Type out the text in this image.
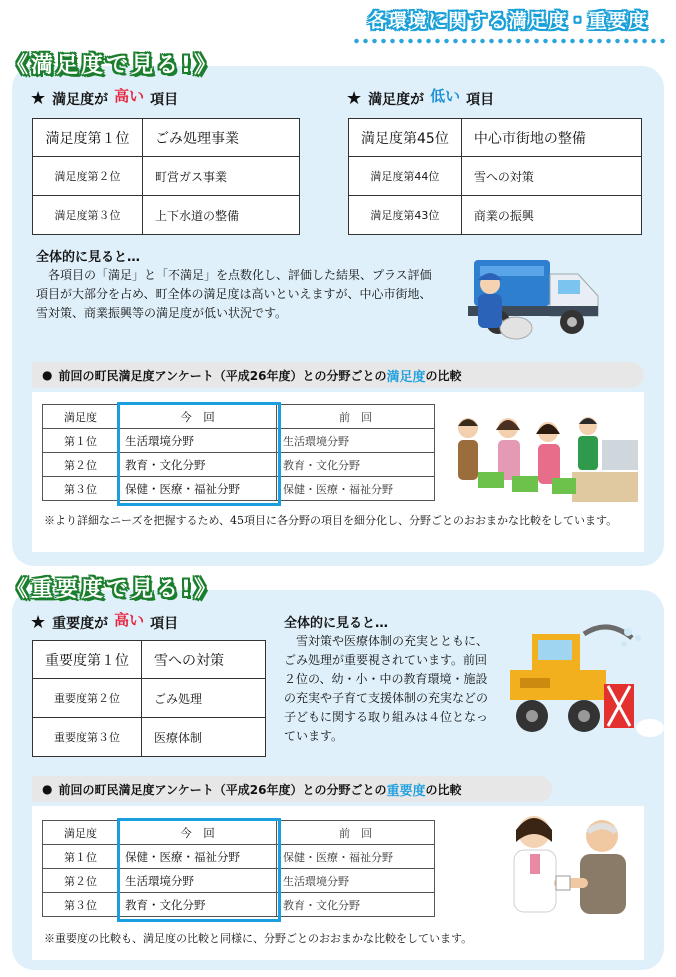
各環境に関する満足度・重要度
《満足度で見る!》
★ 満足度が 高い 項目
満足度第１位	ごみ処理事業
満足度第２位	町営ガス事業
満足度第３位	上下水道の整備
★ 満足度が 低い 項目
満足度第45位	中心市街地の整備
満足度第44位	雪への対策
満足度第43位	商業の振興
全体的に見ると…
　各項目の「満足」と「不満足」を点数化し、評価した結果、プラス評価項目が大部分を占め、町全体の満足度は高いといえますが、中心市街地、雪対策、商業振興等の満足度が低い状況です。
● 前回の町民満足度アンケート（平成26年度）との分野ごとの 満足度 の比較
満足度	今　回	前　回
第１位	生活環境分野	生活環境分野
第２位	教育・文化分野	教育・文化分野
第３位	保健・医療・福祉分野	保健・医療・福祉分野
※より詳細なニーズを把握するため、45項目に各分野の項目を細分化し、分野ごとのおおまかな比較をしています。
《重要度で見る!》
★ 重要度が 高い 項目
重要度第１位	雪への対策
重要度第２位	ごみ処理
重要度第３位	医療体制
全体的に見ると…
　雪対策や医療体制の充実とともに、ごみ処理が重要視されています。前回２位の、幼・小・中の教育環境・施設の充実や子育て支援体制の充実などの子どもに関する取り組みは４位となっています。
● 前回の町民満足度アンケート（平成26年度）との分野ごとの 重要度 の比較
満足度	今　回	前　回
第１位	保健・医療・福祉分野	保健・医療・福祉分野
第２位	生活環境分野	生活環境分野
第３位	教育・文化分野	教育・文化分野
※重要度の比較も、満足度の比較と同様に、分野ごとのおおまかな比較をしています。
